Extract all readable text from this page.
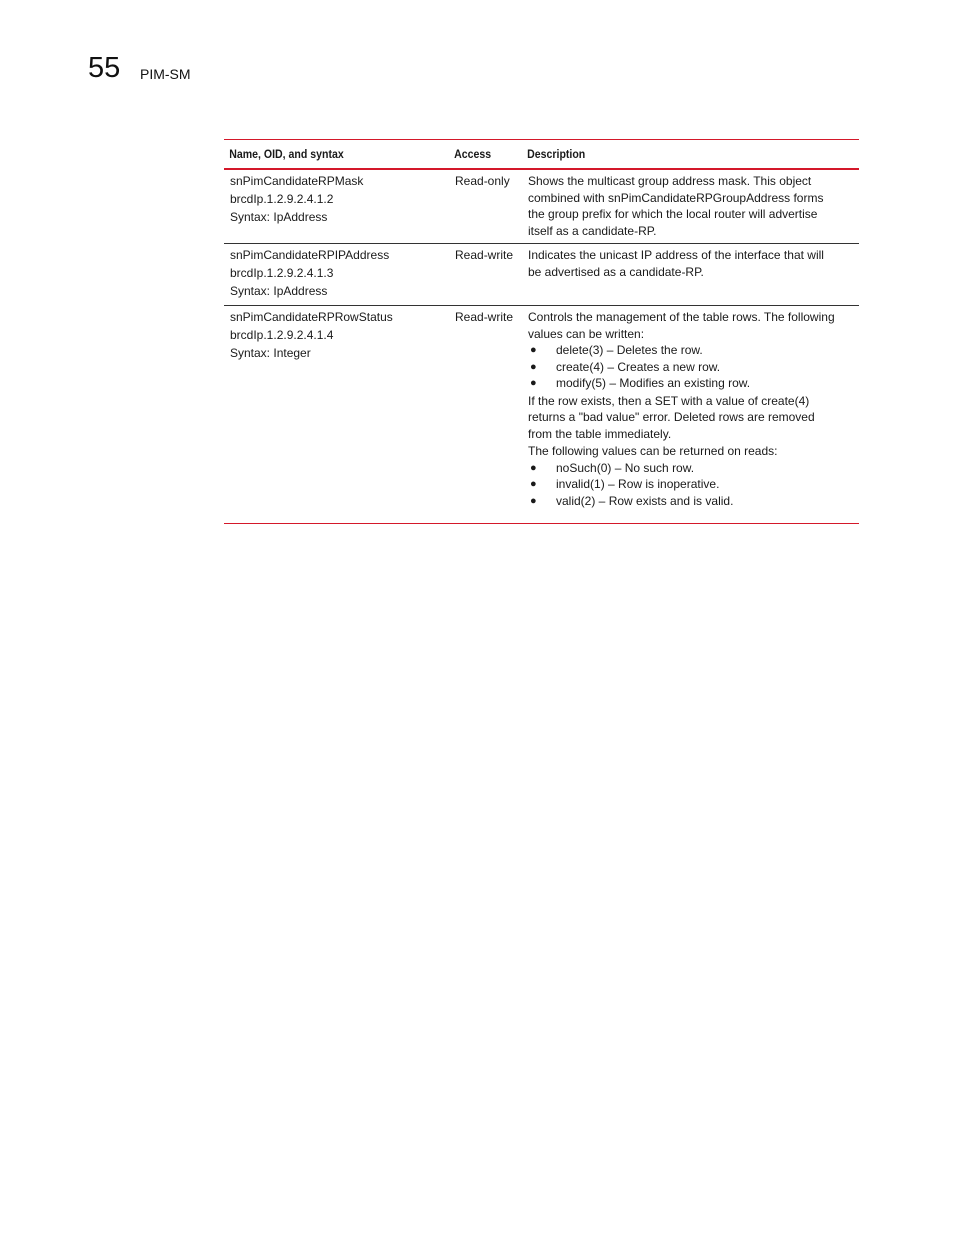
55 PIM-SM
Name, OID, and syntax	Access	Description
snPimCandidateRPMask
brcdIp.1.2.9.2.4.1.2
Syntax: IpAddress
Read-only	Shows the multicast group address mask. This object
combined with snPimCandidateRPGroupAddress forms
the group prefix for which the local router will advertise
itself as a candidate-RP.
snPimCandidateRPIPAddress
brcdIp.1.2.9.2.4.1.3
Syntax: IpAddress
Read-write	Indicates the unicast IP address of the interface that will
be advertised as a candidate-RP.
snPimCandidateRPRowStatus
brcdIp.1.2.9.2.4.1.4
Syntax: Integer
Read-write	Controls the management of the table rows. The following
values can be written:
●	delete(3) – Deletes the row.
●	create(4) – Creates a new row.
●	modify(5) – Modifies an existing row.
If the row exists, then a SET with a value of create(4)
returns a "bad value" error. Deleted rows are removed
from the table immediately.
The following values can be returned on reads:
●	noSuch(0) – No such row.
●	invalid(1) – Row is inoperative.
●	valid(2) – Row exists and is valid.
